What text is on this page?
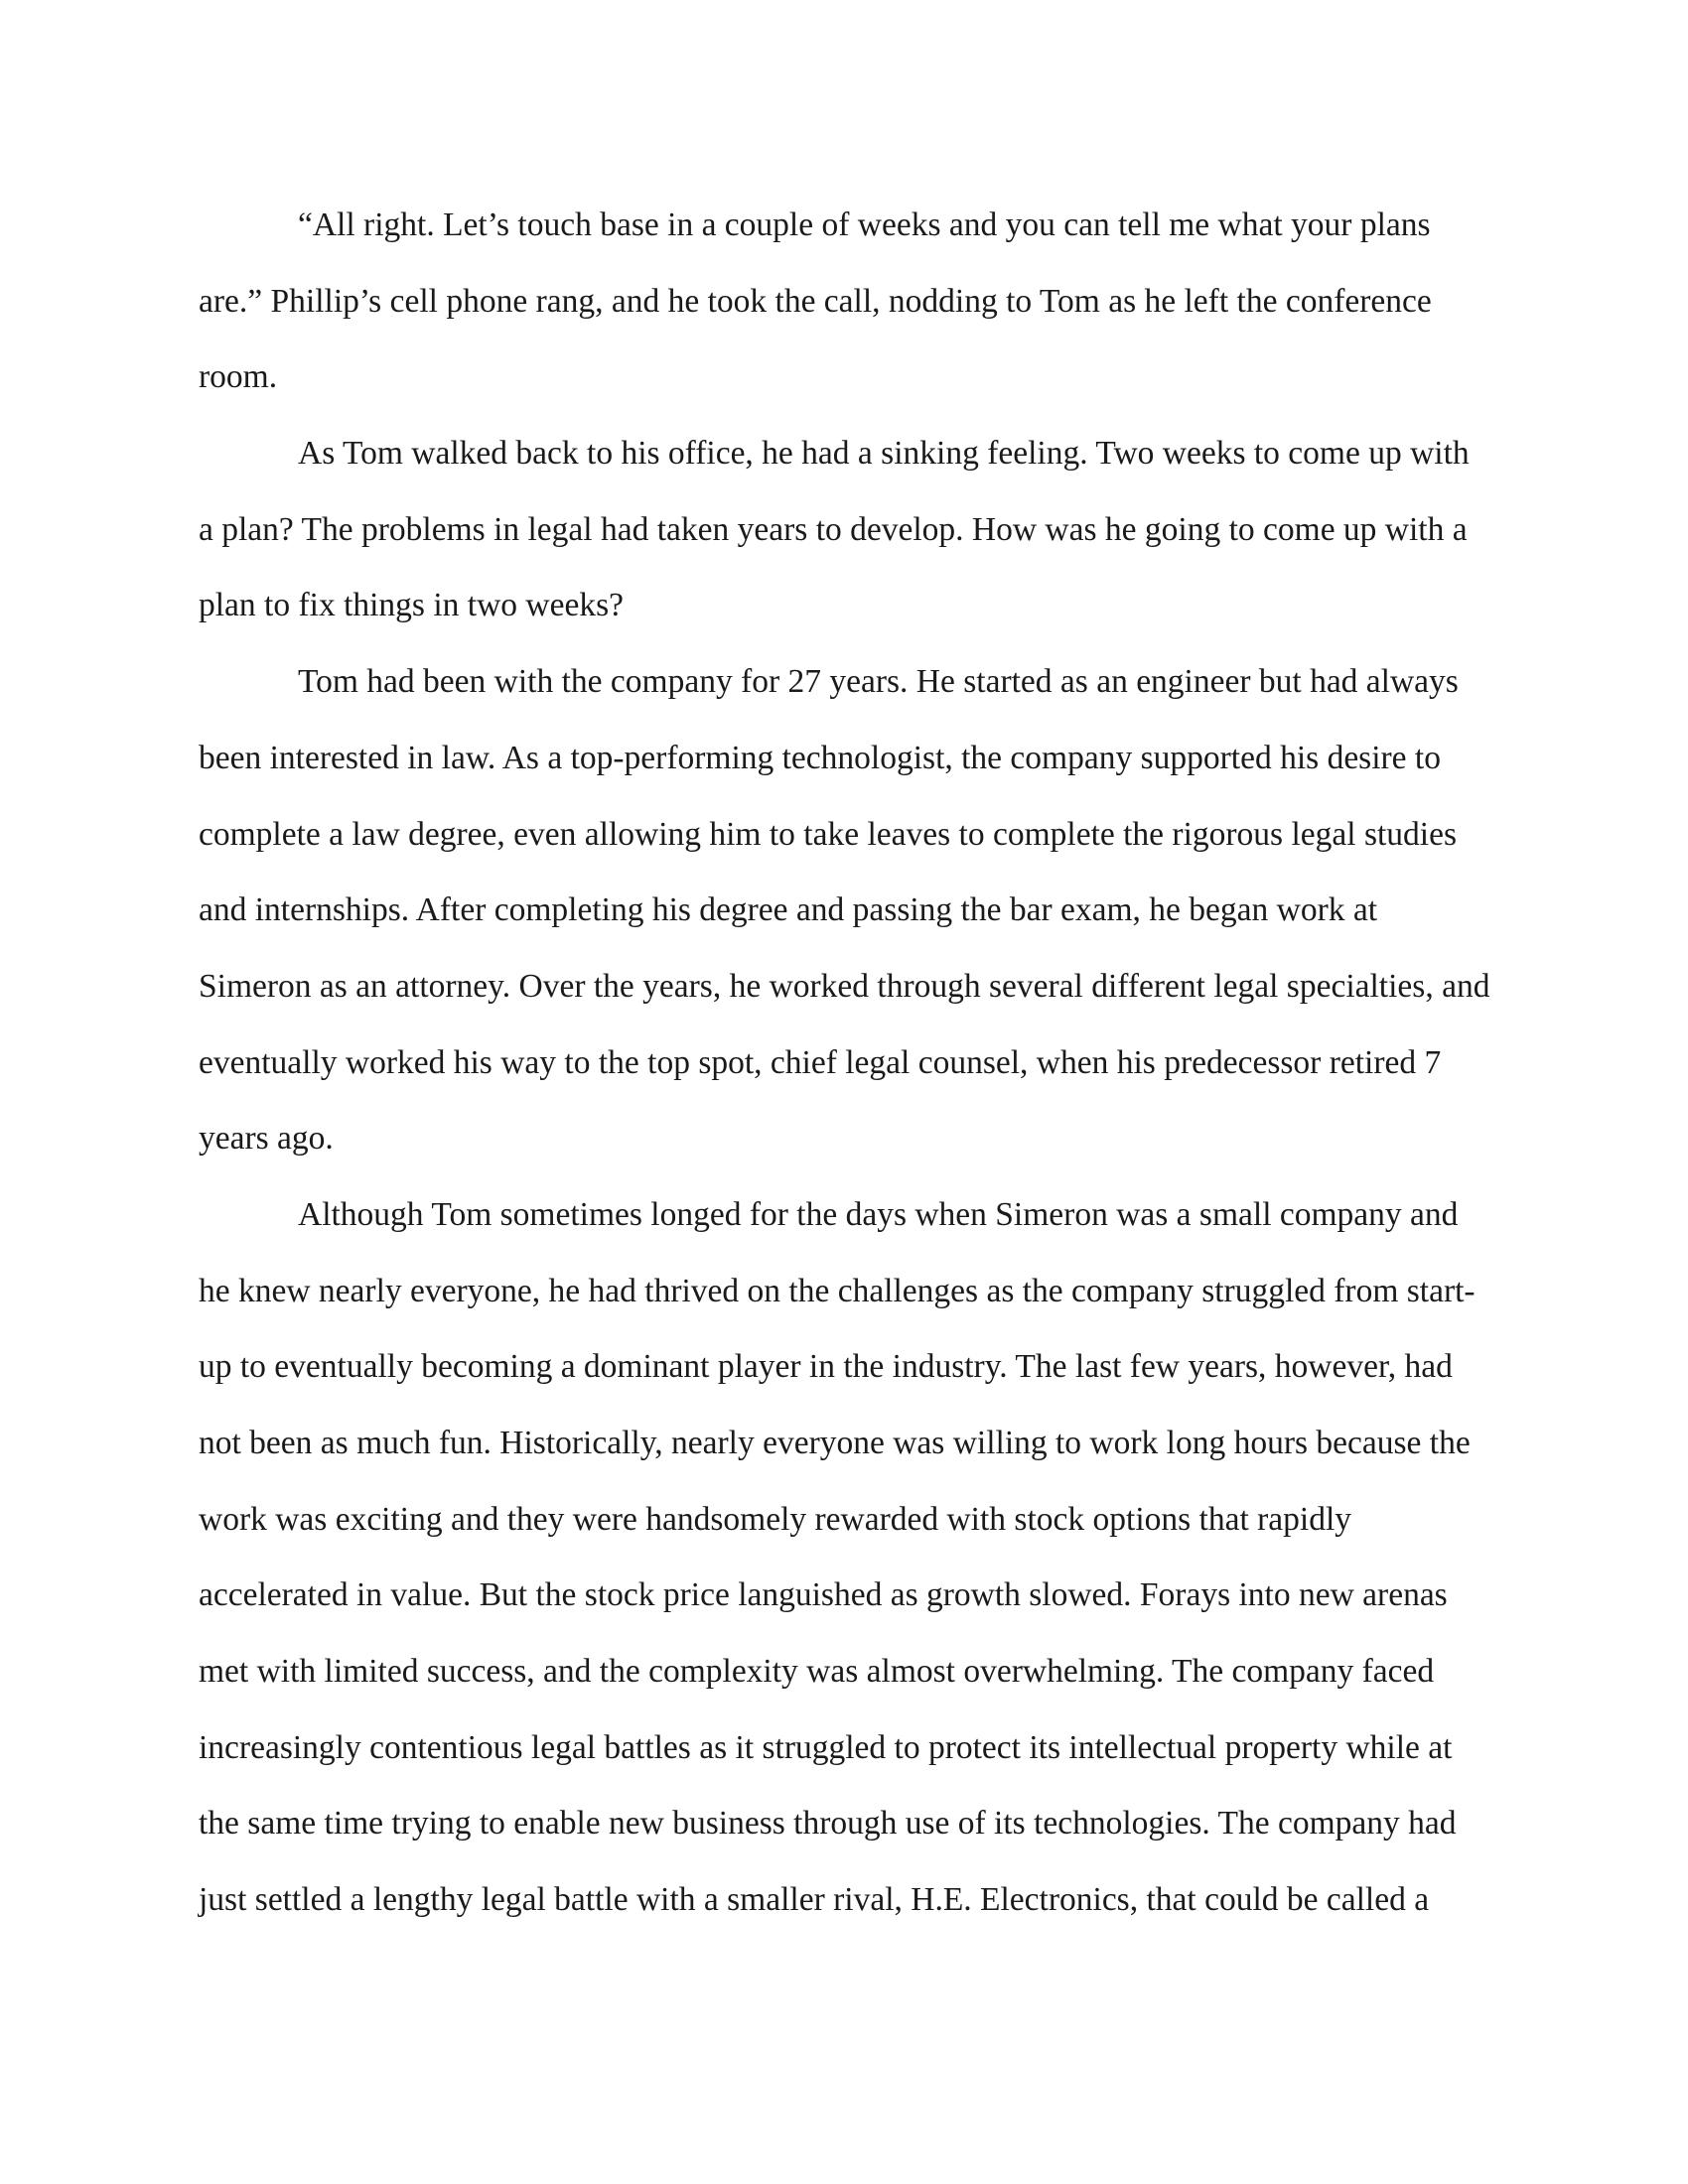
“All right. Let’s touch base in a couple of weeks and you can tell me what your plans
are.” Phillip’s cell phone rang, and he took the call, nodding to Tom as he left the conference
room.
As Tom walked back to his office, he had a sinking feeling. Two weeks to come up with
a plan? The problems in legal had taken years to develop. How was he going to come up with a
plan to fix things in two weeks?
Tom had been with the company for 27 years. He started as an engineer but had always
been interested in law. As a top-performing technologist, the company supported his desire to
complete a law degree, even allowing him to take leaves to complete the rigorous legal studies
and internships. After completing his degree and passing the bar exam, he began work at
Simeron as an attorney. Over the years, he worked through several different legal specialties, and
eventually worked his way to the top spot, chief legal counsel, when his predecessor retired 7
years ago.
Although Tom sometimes longed for the days when Simeron was a small company and
he knew nearly everyone, he had thrived on the challenges as the company struggled from start-
up to eventually becoming a dominant player in the industry. The last few years, however, had
not been as much fun. Historically, nearly everyone was willing to work long hours because the
work was exciting and they were handsomely rewarded with stock options that rapidly
accelerated in value. But the stock price languished as growth slowed. Forays into new arenas
met with limited success, and the complexity was almost overwhelming. The company faced
increasingly contentious legal battles as it struggled to protect its intellectual property while at
the same time trying to enable new business through use of its technologies. The company had
just settled a lengthy legal battle with a smaller rival, H.E. Electronics, that could be called a
